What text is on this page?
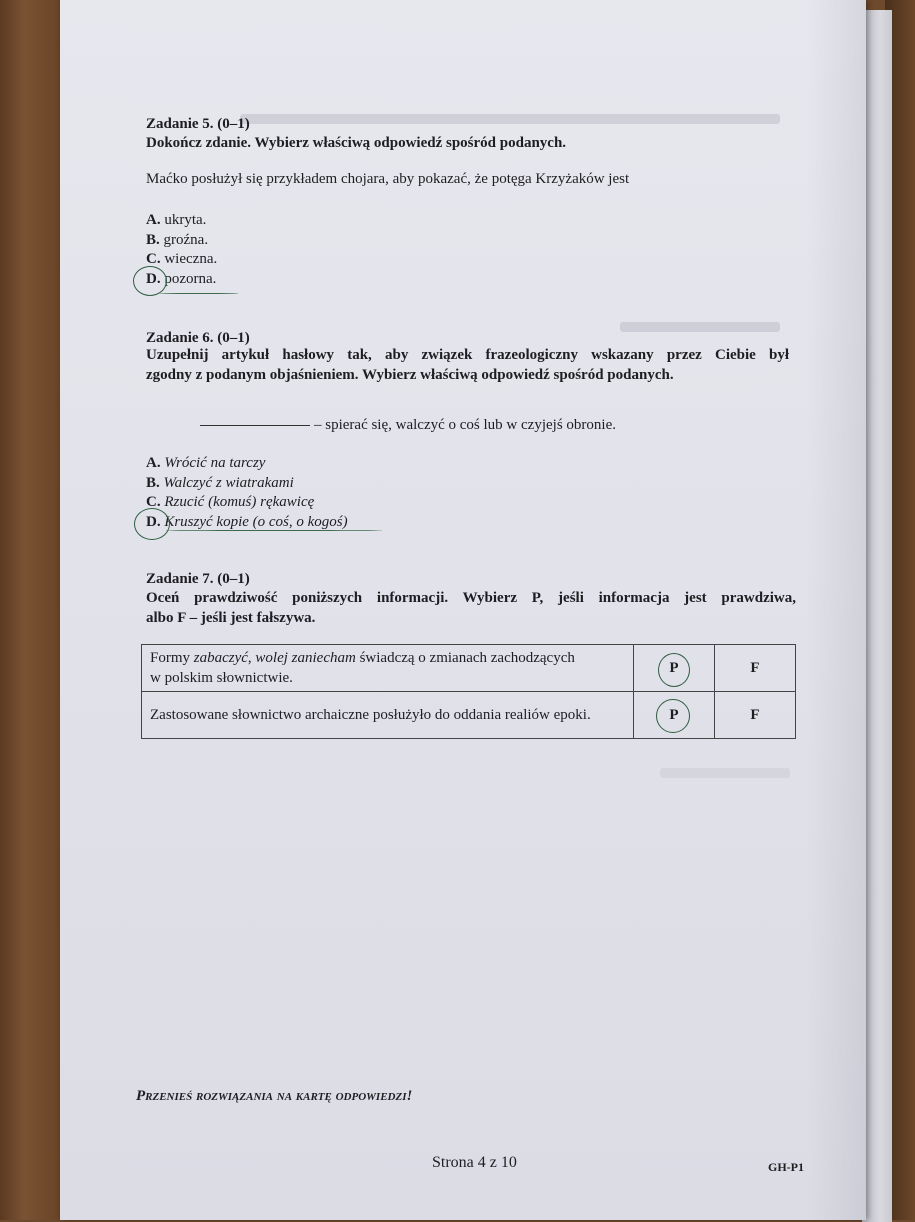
Zadanie 5. (0–1)
Dokończ zdanie. Wybierz właściwą odpowiedź spośród podanych.
Maćko posłużył się przykładem chojara, aby pokazać, że potęga Krzyżaków jest
A. ukryta.
B. groźna.
C. wieczna.
D. pozorna.
Zadanie 6. (0–1)
Uzupełnij artykuł hasłowy tak, aby związek frazeologiczny wskazany przez Ciebie był
zgodny z podanym objaśnieniem. Wybierz właściwą odpowiedź spośród podanych.
– spierać się, walczyć o coś lub w czyjejś obronie.
A. Wrócić na tarczy
B. Walczyć z wiatrakami
C. Rzucić (komuś) rękawicę
D. Kruszyć kopie (o coś, o kogoś)
Zadanie 7. (0–1)
Oceń prawdziwość poniższych informacji. Wybierz P, jeśli informacja jest prawdziwa,
albo F – jeśli jest fałszywa.
Formy zabaczyć, wolej zaniecham świadczą o zmianach zachodzących
w polskim słownictwie.	P	F
Zastosowane słownictwo archaiczne posłużyło do oddania realiów epoki.	P	F
Przenieś rozwiązania na kartę odpowiedzi!
Strona 4 z 10	GH-P1
